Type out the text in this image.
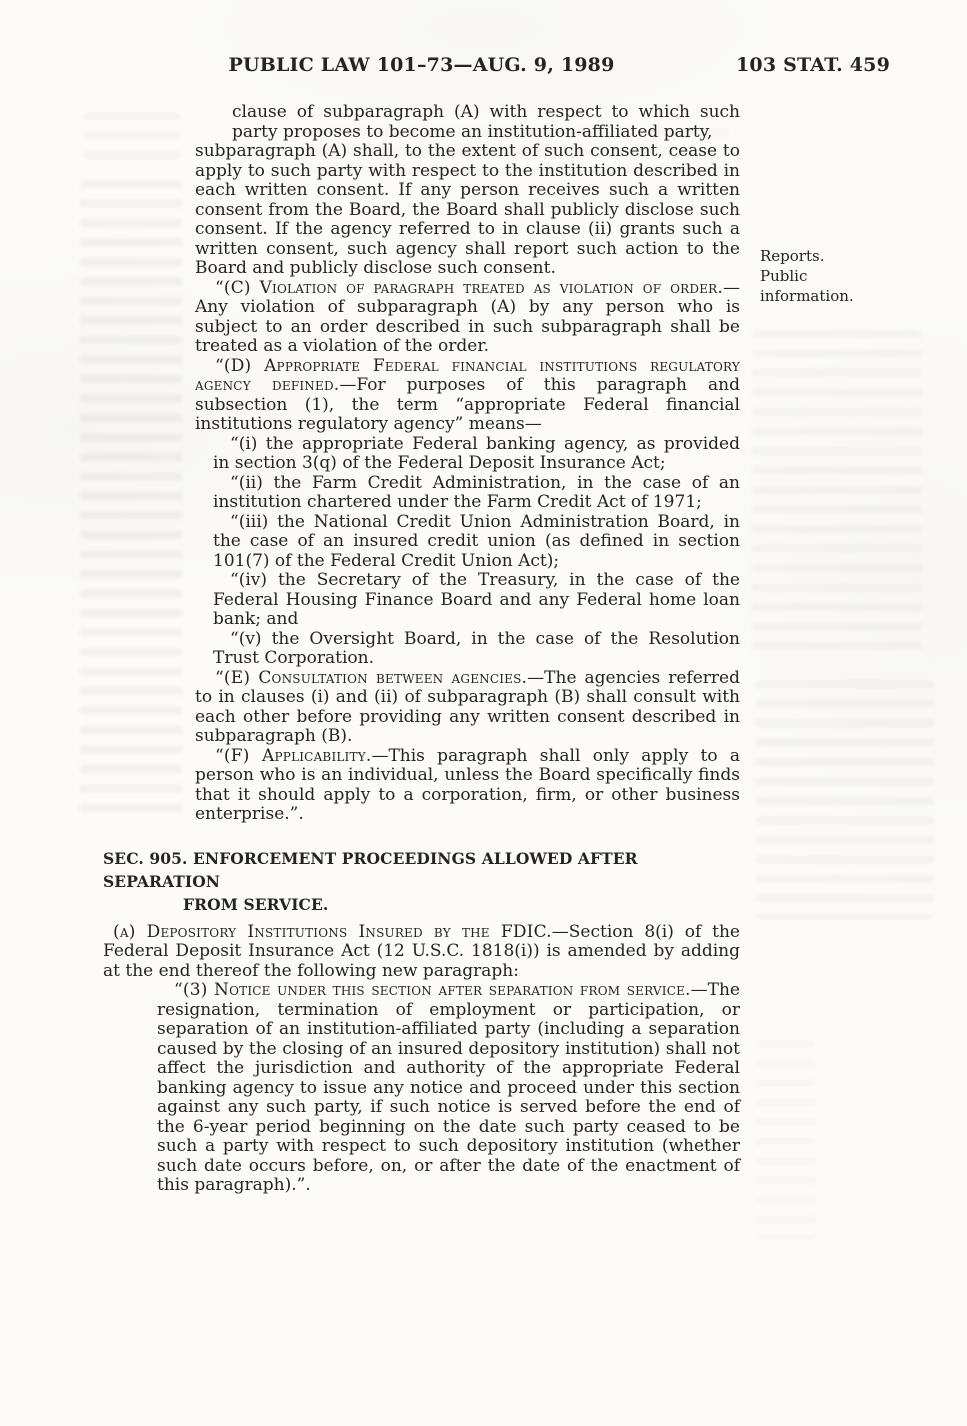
PUBLIC LAW 101–73—AUG. 9, 1989	103 STAT. 459
Reports.
Public
information.
clause of subparagraph (A) with respect to which such party proposes to become an institution-affiliated party,
subparagraph (A) shall, to the extent of such consent, cease to apply to such party with respect to the institution described in each written consent. If any person receives such a written consent from the Board, the Board shall publicly disclose such consent. If the agency referred to in clause (ii) grants such a written consent, such agency shall report such action to the Board and publicly disclose such consent.
“(C) Violation of paragraph treated as violation of order.—Any violation of subparagraph (A) by any person who is subject to an order described in such subparagraph shall be treated as a violation of the order.
“(D) Appropriate Federal financial institutions regulatory agency defined.—For purposes of this paragraph and subsection (1), the term “appropriate Federal financial institutions regulatory agency” means—
“(i) the appropriate Federal banking agency, as provided in section 3(q) of the Federal Deposit Insurance Act;
“(ii) the Farm Credit Administration, in the case of an institution chartered under the Farm Credit Act of 1971;
“(iii) the National Credit Union Administration Board, in the case of an insured credit union (as defined in section 101(7) of the Federal Credit Union Act);
“(iv) the Secretary of the Treasury, in the case of the Federal Housing Finance Board and any Federal home loan bank; and
“(v) the Oversight Board, in the case of the Resolution Trust Corporation.
“(E) Consultation between agencies.—The agencies referred to in clauses (i) and (ii) of subparagraph (B) shall consult with each other before providing any written consent described in subparagraph (B).
“(F) Applicability.—This paragraph shall only apply to a person who is an individual, unless the Board specifically finds that it should apply to a corporation, firm, or other business enterprise.”.
SEC. 905. ENFORCEMENT PROCEEDINGS ALLOWED AFTER SEPARATION
FROM SERVICE.
(a) Depository Institutions Insured by the FDIC.—Section 8(i) of the Federal Deposit Insurance Act (12 U.S.C. 1818(i)) is amended by adding at the end thereof the following new paragraph:
“(3) Notice under this section after separation from service.—The resignation, termination of employment or participation, or separation of an institution-affiliated party (including a separation caused by the closing of an insured depository institution) shall not affect the jurisdiction and authority of the appropriate Federal banking agency to issue any notice and proceed under this section against any such party, if such notice is served before the end of the 6-year period beginning on the date such party ceased to be such a party with respect to such depository institution (whether such date occurs before, on, or after the date of the enactment of this paragraph).”.
